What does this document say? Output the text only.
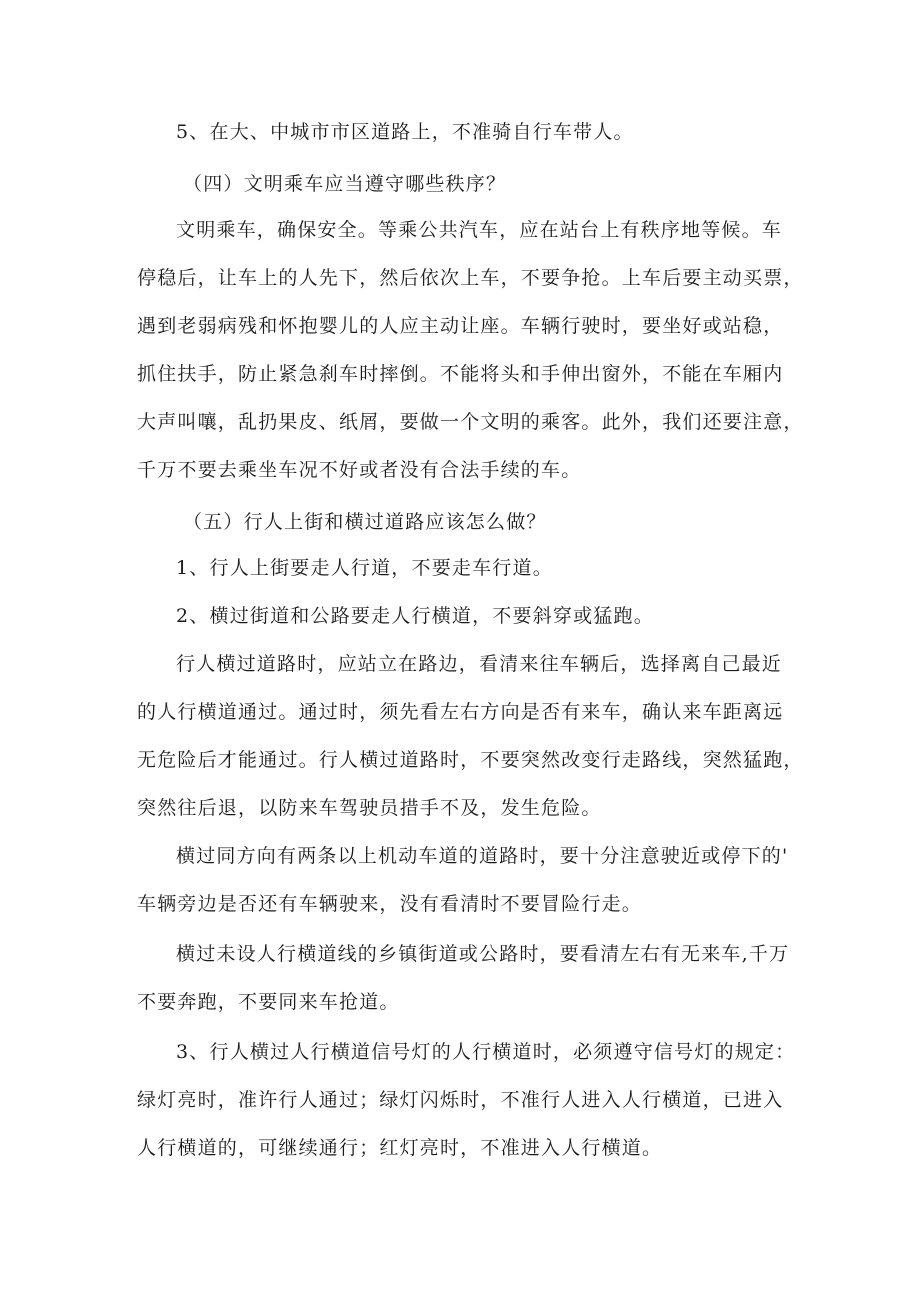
5、在大、中城市市区道路上，不准骑自行车带人。
（四）文明乘车应当遵守哪些秩序？
文明乘车，确保安全。等乘公共汽车，应在站台上有秩序地等候。车
停稳后，让车上的人先下，然后依次上车，不要争抢。上车后要主动买票，
遇到老弱病残和怀抱婴儿的人应主动让座。车辆行驶时，要坐好或站稳，
抓住扶手，防止紧急刹车时摔倒。不能将头和手伸出窗外，不能在车厢内
大声叫嚷，乱扔果皮、纸屑，要做一个文明的乘客。此外，我们还要注意，
千万不要去乘坐车况不好或者没有合法手续的车。
（五）行人上街和横过道路应该怎么做？
1、行人上街要走人行道，不要走车行道。
2、横过街道和公路要走人行横道，不要斜穿或猛跑。
行人横过道路时，应站立在路边，看清来往车辆后，选择离自己最近
的人行横道通过。通过时，须先看左右方向是否有来车，确认来车距离远
无危险后才能通过。行人横过道路时，不要突然改变行走路线，突然猛跑，
突然往后退，以防来车驾驶员措手不及，发生危险。
横过同方向有两条以上机动车道的道路时，要十分注意驶近或停下的'
车辆旁边是否还有车辆驶来，没有看清时不要冒险行走。
横过未设人行横道线的乡镇街道或公路时，要看清左右有无来车,千万
不要奔跑，不要同来车抢道。
3、行人横过人行横道信号灯的人行横道时，必须遵守信号灯的规定：
绿灯亮时，准许行人通过；绿灯闪烁时，不准行人进入人行横道，已进入
人行横道的，可继续通行；红灯亮时，不准进入人行横道。
